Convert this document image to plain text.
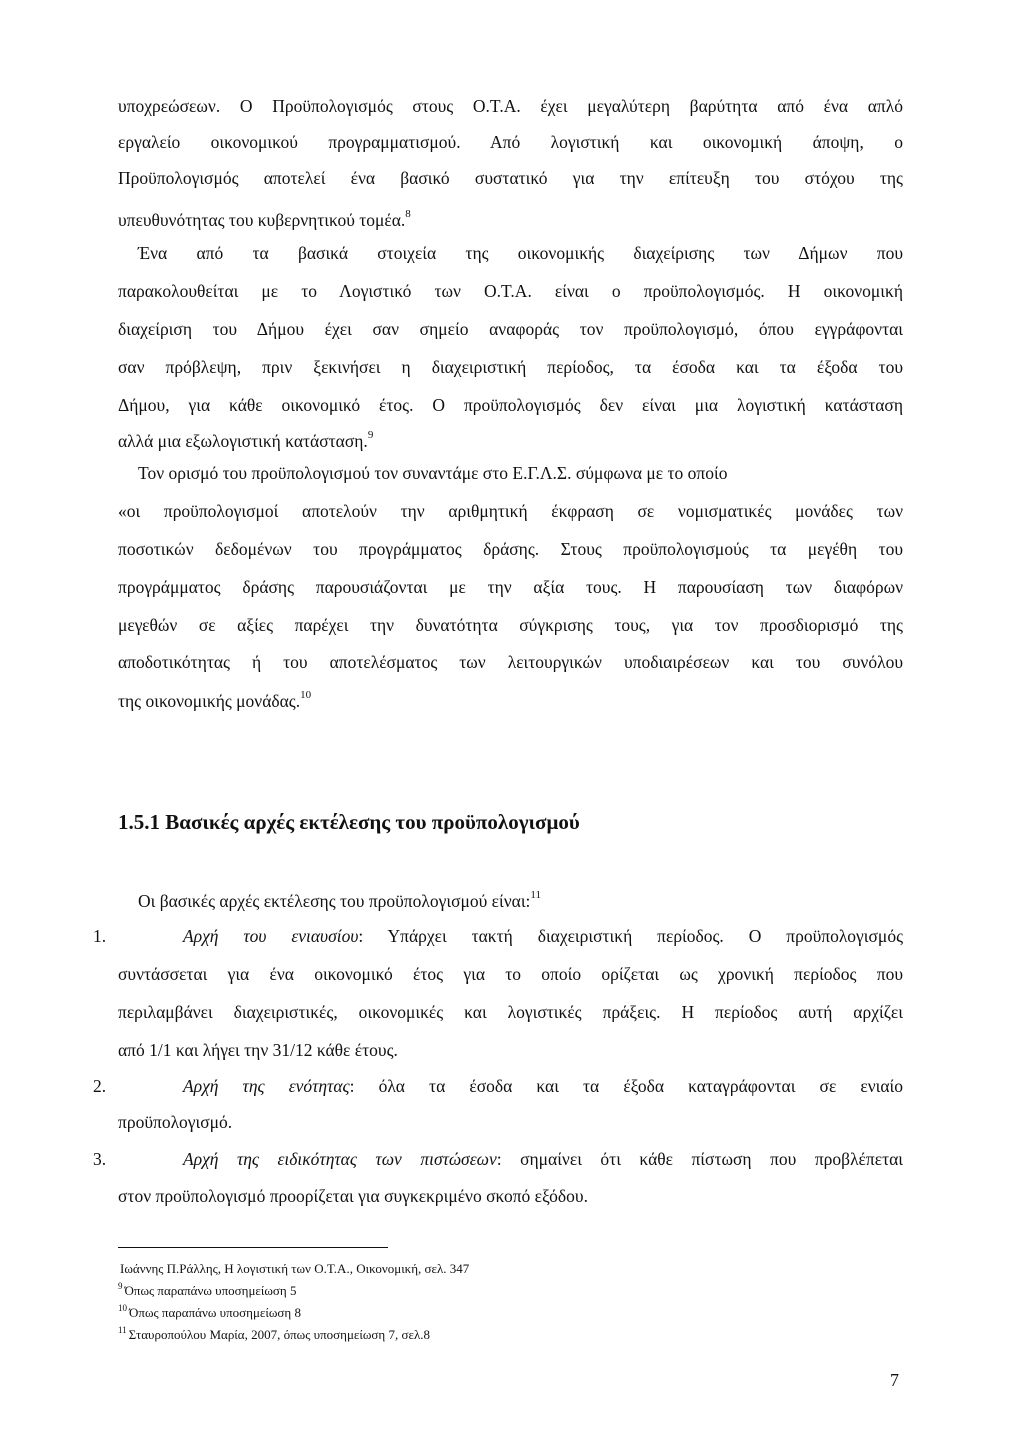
υποχρεώσεων. Ο Προϋπολογισμός στους Ο.Τ.Α. έχει μεγαλύτερη βαρύτητα από ένα απλό
εργαλείο οικονομικού προγραμματισμού. Από λογιστική και οικονομική άποψη, ο
Προϋπολογισμός αποτελεί ένα βασικό συστατικό για την επίτευξη του στόχου της
υπευθυνότητας του κυβερνητικού τομέα.$^8$
Ένα από τα βασικά στοιχεία της οικονομικής διαχείρισης των Δήμων που
παρακολουθείται με το Λογιστικό των Ο.Τ.Α. είναι ο προϋπολογισμός. Η οικονομική
διαχείριση του Δήμου έχει σαν σημείο αναφοράς τον προϋπολογισμό, όπου εγγράφονται
σαν πρόβλεψη, πριν ξεκινήσει η διαχειριστική περίοδος, τα έσοδα και τα έξοδα του
Δήμου, για κάθε οικονομικό έτος. Ο προϋπολογισμός δεν είναι μια λογιστική κατάσταση
αλλά μια εξωλογιστική κατάσταση.$^9$
Τον ορισμό του προϋπολογισμού τον συναντάμε στο Ε.Γ.Λ.Σ. σύμφωνα με το οποίο
«οι προϋπολογισμοί αποτελούν την αριθμητική έκφραση σε νομισματικές μονάδες των
ποσοτικών δεδομένων του προγράμματος δράσης. Στους προϋπολογισμούς τα μεγέθη του
προγράμματος δράσης παρουσιάζονται με την αξία τους. Η παρουσίαση των διαφόρων
μεγεθών σε αξίες παρέχει την δυνατότητα σύγκρισης τους, για τον προσδιορισμό της
αποδοτικότητας ή του αποτελέσματος των λειτουργικών υποδιαιρέσεων και του συνόλου
της οικονομικής μονάδας.$^{10}$
1.5.1 Βασικές αρχές εκτέλεσης του προϋπολογισμού
Οι βασικές αρχές εκτέλεσης του προϋπολογισμού είναι:$^{11}$
1.	Αρχή του ενιαυσίου: Υπάρχει τακτή διαχειριστική περίοδος. Ο προϋπολογισμός
συντάσσεται για ένα οικονομικό έτος για το οποίο ορίζεται ως χρονική περίοδος που
περιλαμβάνει διαχειριστικές, οικονομικές και λογιστικές πράξεις. Η περίοδος αυτή αρχίζει
από 1/1 και λήγει την 31/12 κάθε έτους.
2.	Αρχή της ενότητας: όλα τα έσοδα και τα έξοδα καταγράφονται σε ενιαίο
προϋπολογισμό.
3.	Αρχή της ειδικότητας των πιστώσεων: σημαίνει ότι κάθε πίστωση που προβλέπεται
στον προϋπολογισμό προορίζεται για συγκεκριμένο σκοπό εξόδου.
Ιωάννης Π.Ράλλης, Η λογιστική των Ο.Τ.Α., Οικονομική, σελ. 347
$^9$ Όπως παραπάνω υποσημείωση 5
$^{10}$ Όπως παραπάνω υποσημείωση 8
$^{11}$ Σταυροπούλου Μαρία, 2007, όπως υποσημείωση 7, σελ.8
7
